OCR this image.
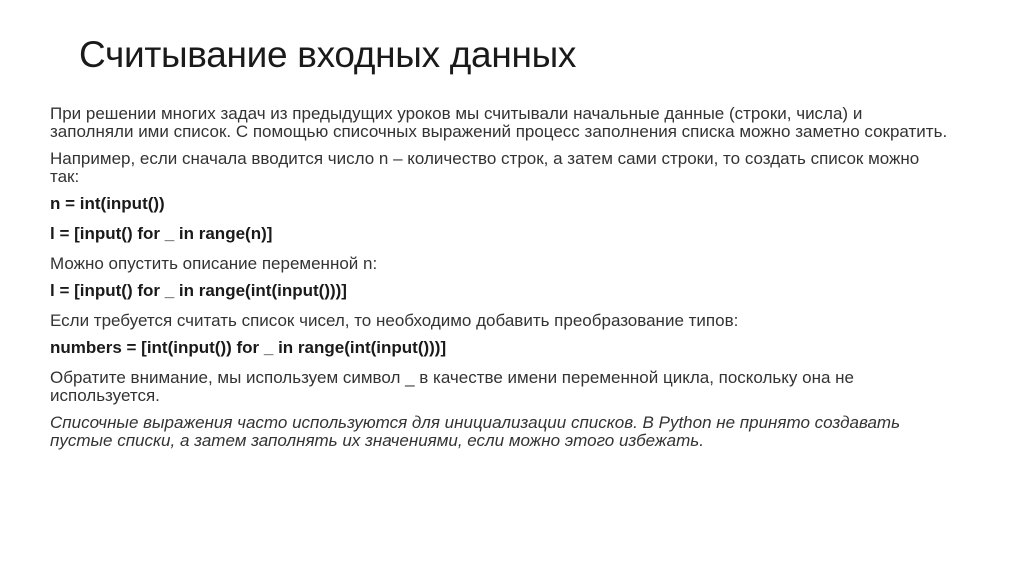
Считывание входных данных

При решении многих задач из предыдущих уроков мы считывали начальные данные (строки, числа) и заполняли ими список. С помощью списочных выражений процесс заполнения списка можно заметно сократить.

Например, если сначала вводится число n – количество строк, а затем сами строки, то создать список можно так:

n = int(input())

l = [input() for _ in range(n)]

Можно опустить описание переменной n:

l = [input() for _ in range(int(input()))]

Если требуется считать список чисел, то необходимо добавить преобразование типов:

numbers = [int(input()) for _ in range(int(input()))]

Обратите внимание, мы используем символ _ в качестве имени переменной цикла, поскольку она не используется.

Списочные выражения часто используются для инициализации списков. В Python не принято создавать пустые списки, а затем заполнять их значениями, если можно этого избежать.
